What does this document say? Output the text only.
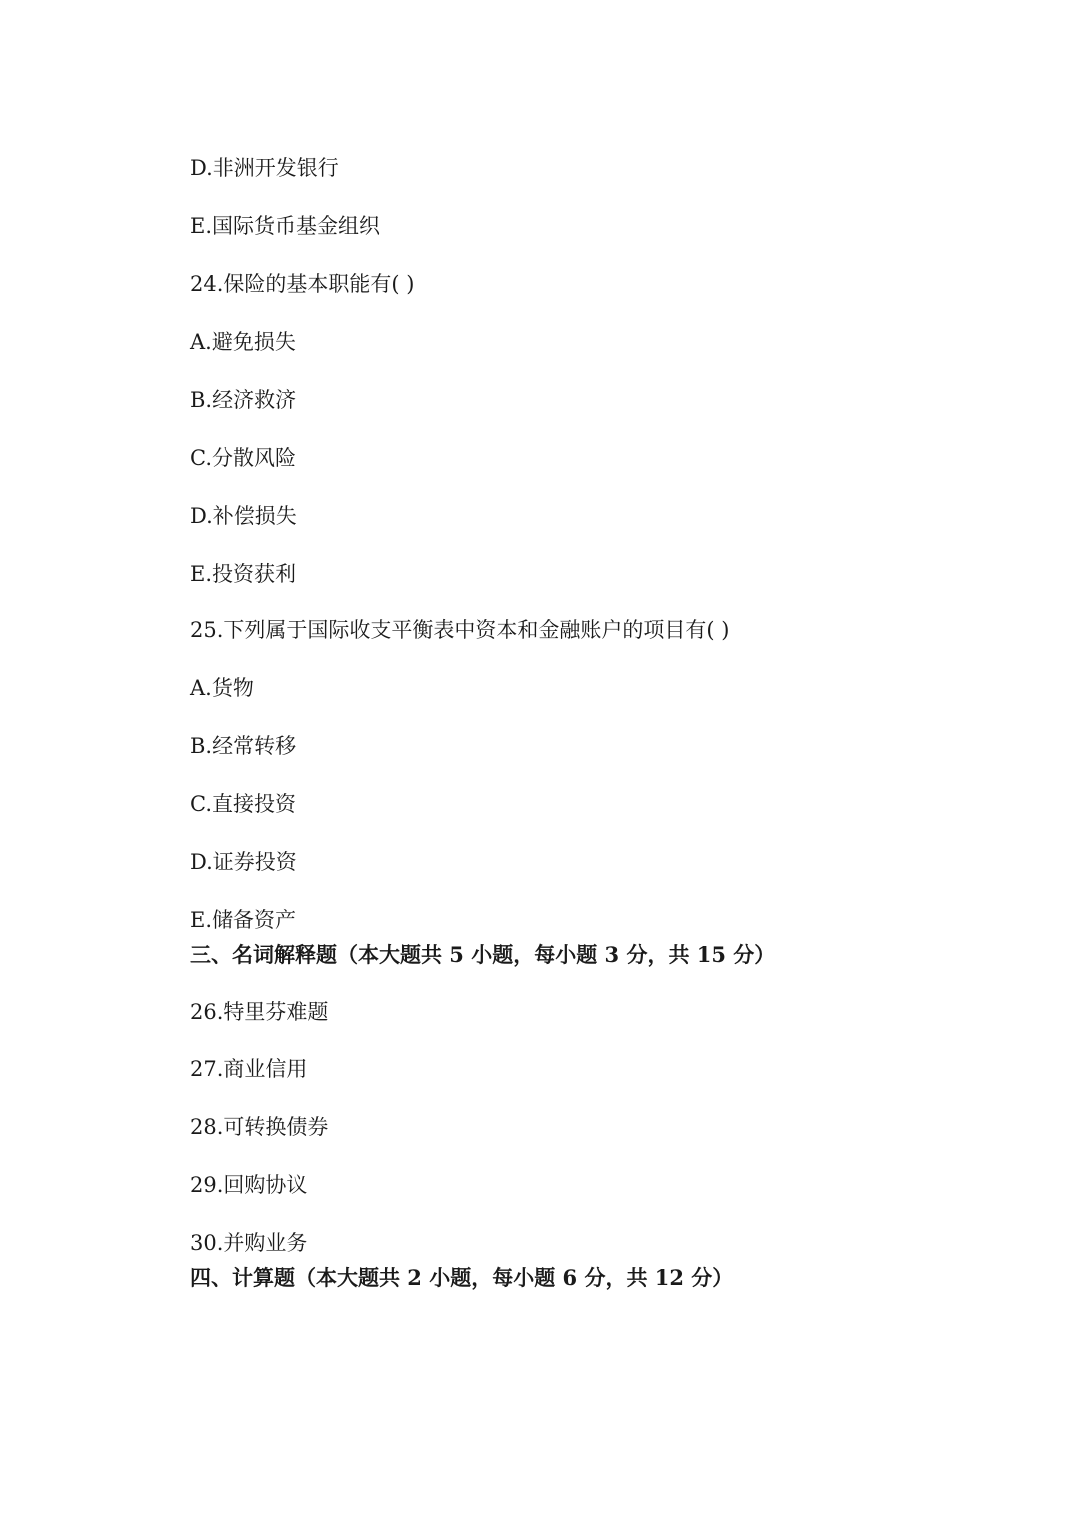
D.非洲开发银行
E.国际货币基金组织
24.保险的基本职能有( )
A.避免损失
B.经济救济
C.分散风险
D.补偿损失
E.投资获利
25.下列属于国际收支平衡表中资本和金融账户的项目有( )
A.货物
B.经常转移
C.直接投资
D.证券投资
E.储备资产
三、名词解释题（本大题共 5 小题，每小题 3 分，共 15 分）
26.特里芬难题
27.商业信用
28.可转换债券
29.回购协议
30.并购业务
四、计算题（本大题共 2 小题，每小题 6 分，共 12 分）
